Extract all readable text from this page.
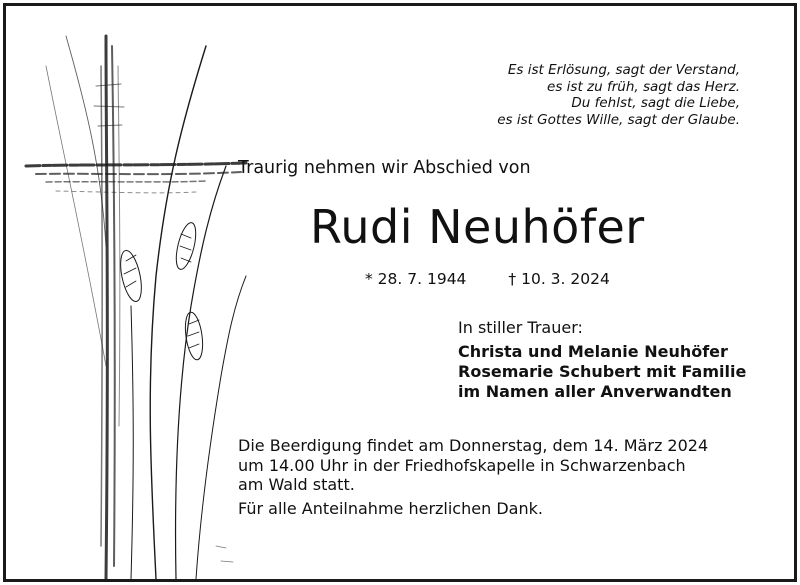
Es ist Erlösung, sagt der Verstand,
es ist zu früh, sagt das Herz.
Du fehlst, sagt die Liebe,
es ist Gottes Wille, sagt der Glaube.
Traurig nehmen wir Abschied von
Rudi Neuhöfer
* 28. 7. 1944	† 10. 3. 2024
In stiller Trauer:
Christa und Melanie Neuhöfer
Rosemarie Schubert mit Familie
im Namen aller Anverwandten
Die Beerdigung findet am Donnerstag, dem 14. März 2024
um 14.00 Uhr in der Friedhofskapelle in Schwarzenbach
am Wald statt.
Für alle Anteilnahme herzlichen Dank.
